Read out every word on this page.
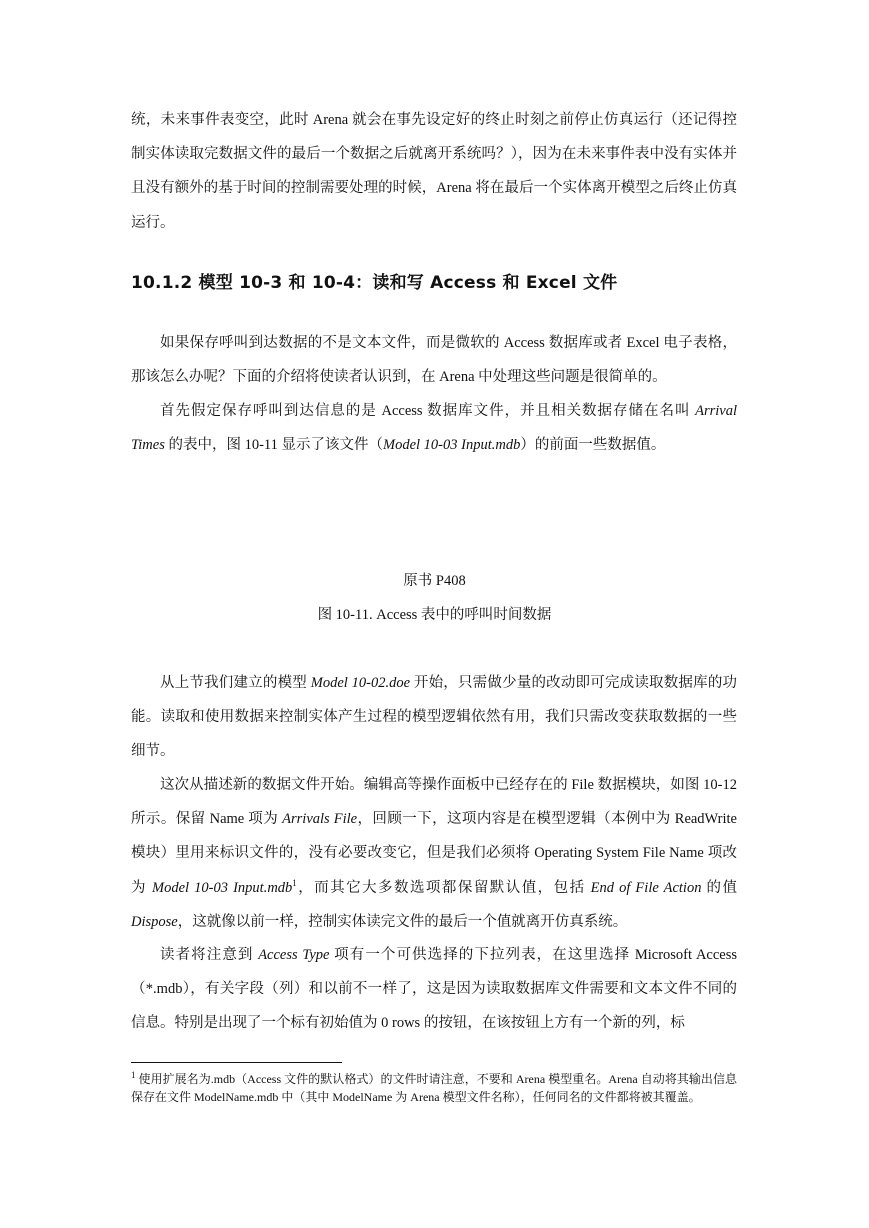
统，未来事件表变空，此时 Arena 就会在事先设定好的终止时刻之前停止仿真运行（还记得控制实体读取完数据文件的最后一个数据之后就离开系统吗？），因为在未来事件表中没有实体并且没有额外的基于时间的控制需要处理的时候，Arena 将在最后一个实体离开模型之后终止仿真运行。

10.1.2 模型 10-3 和 10-4：读和写 Access 和 Excel 文件

如果保存呼叫到达数据的不是文本文件，而是微软的 Access 数据库或者 Excel 电子表格，那该怎么办呢？下面的介绍将使读者认识到，在 Arena 中处理这些问题是很简单的。

首先假定保存呼叫到达信息的是 Access 数据库文件，并且相关数据存储在名叫 Arrival Times 的表中，图 10-11 显示了该文件（Model 10-03 Input.mdb）的前面一些数据值。

原书 P408

图 10-11. Access 表中的呼叫时间数据

从上节我们建立的模型 Model 10-02.doe 开始，只需做少量的改动即可完成读取数据库的功能。读取和使用数据来控制实体产生过程的模型逻辑依然有用，我们只需改变获取数据的一些细节。

这次从描述新的数据文件开始。编辑高等操作面板中已经存在的 File 数据模块，如图 10-12 所示。保留 Name 项为 Arrivals File，回顾一下，这项内容是在模型逻辑（本例中为 ReadWrite 模块）里用来标识文件的，没有必要改变它，但是我们必须将 Operating System File Name 项改为 Model 10-03 Input.mdb$^1$，而其它大多数选项都保留默认值，包括 End of File Action 的值 Dispose，这就像以前一样，控制实体读完文件的最后一个值就离开仿真系统。

读者将注意到 Access Type 项有一个可供选择的下拉列表，在这里选择 Microsoft Access（*.mdb），有关字段（列）和以前不一样了，这是因为读取数据库文件需要和文本文件不同的信息。特别是出现了一个标有初始值为 0 rows 的按钮，在该按钮上方有一个新的列，标

$^1$ 使用扩展名为.mdb（Access 文件的默认格式）的文件时请注意，不要和 Arena 模型重名。Arena 自动将其输出信息保存在文件 ModelName.mdb 中（其中 ModelName 为 Arena 模型文件名称），任何同名的文件都将被其覆盖。
